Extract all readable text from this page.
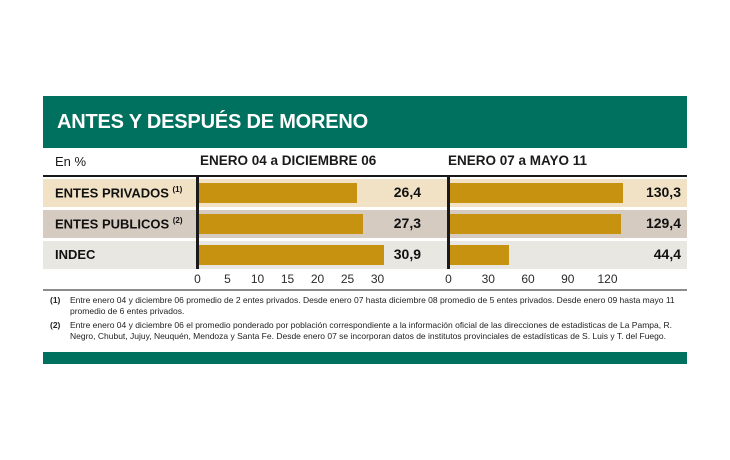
ANTES Y DESPUÉS DE MORENO
En %	ENERO 04 a DICIEMBRE 06	ENERO 07 a MAYO 11
INDEC	30,9	44,4
ENTES PUBLICOS $^{(2)}$	27,3	129,4
ENTES PRIVADOS $^{(1)}$	26,4	130,3
0 5 10 15 20 25 30	0 30 60 90 120
(1) Entre enero 04 y diciembre 06 promedio de 2 entes privados. Desde enero 07 hasta diciembre 08 promedio de 5 entes privados. Desde enero 09 hasta mayo 11 promedio de 6 entes privados.
(2) Entre enero 04 y diciembre 06 el promedio ponderado por población correspondiente a la información oficial de las direcciones de estadisticas de La Pampa, R. Negro, Chubut, Jujuy, Neuquén, Mendoza y Santa Fe. Desde enero 07 se incorporan datos de institutos provinciales de estadísticas de S. Luis y T. del Fuego.
